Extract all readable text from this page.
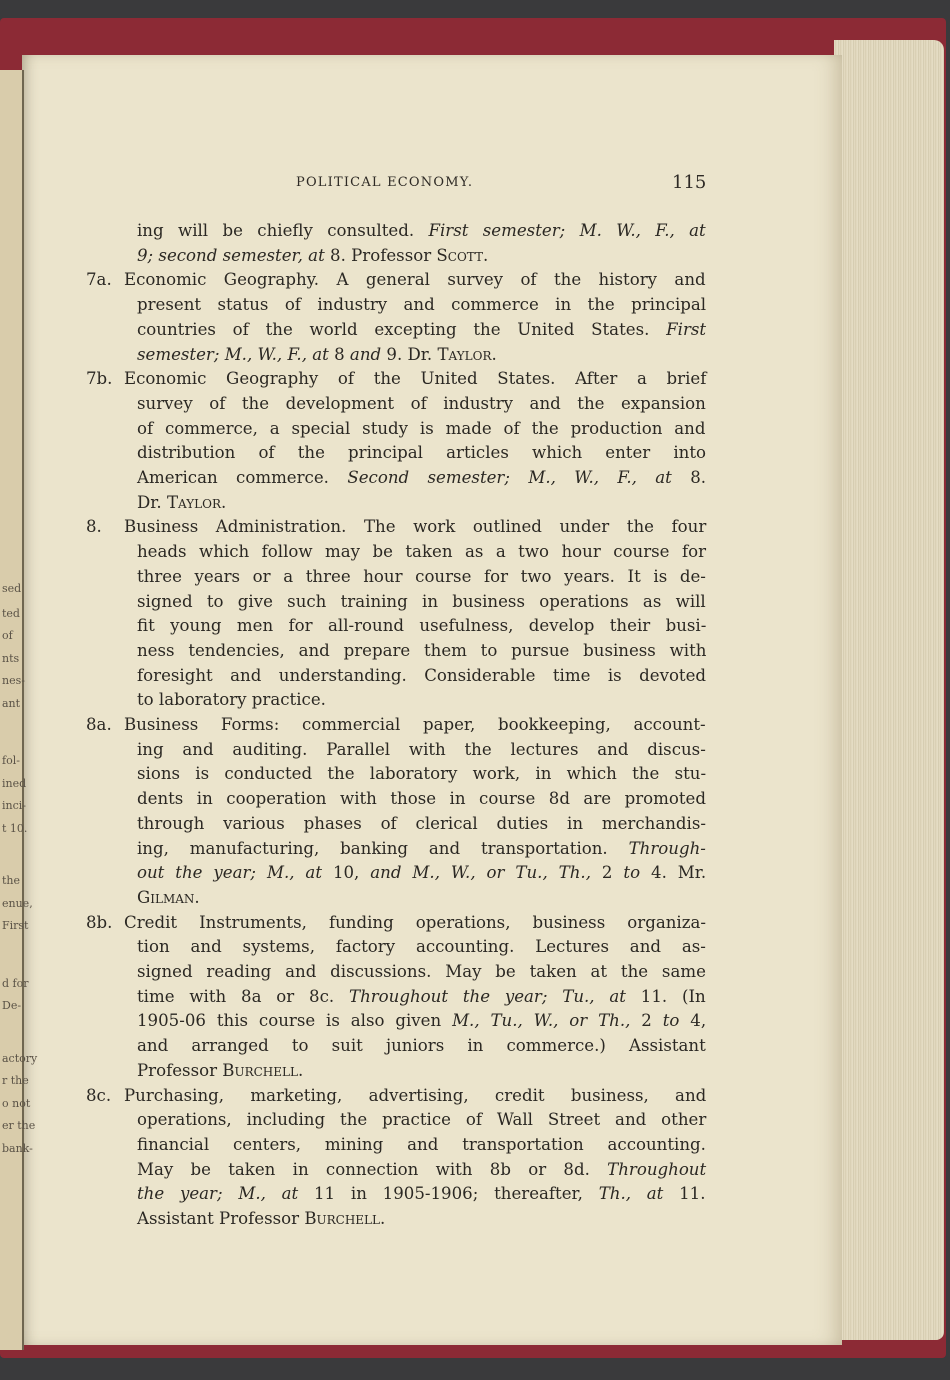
sed
ted
of
nts
nes-
ant
fol-
ined
inci-
t 10.
the
enue,
First
d for
De-
actory
r the
o not
er the
bank-
POLITICAL ECONOMY.	115
ing will be chiefly consulted. First semester; M. W., F., at
9; second semester, at 8. Professor Scott.
7a. Economic Geography. A general survey of the history and
present status of industry and commerce in the principal
countries of the world excepting the United States. First
semester; M., W., F., at 8 and 9. Dr. Taylor.
7b. Economic Geography of the United States. After a brief
survey of the development of industry and the expansion
of commerce, a special study is made of the production and
distribution of the principal articles which enter into
American commerce. Second semester; M., W., F., at 8.
Dr. Taylor.
8. Business Administration. The work outlined under the four
heads which follow may be taken as a two hour course for
three years or a three hour course for two years. It is de-
signed to give such training in business operations as will
fit young men for all-round usefulness, develop their busi-
ness tendencies, and prepare them to pursue business with
foresight and understanding. Considerable time is devoted
to laboratory practice.
8a. Business Forms: commercial paper, bookkeeping, account-
ing and auditing. Parallel with the lectures and discus-
sions is conducted the laboratory work, in which the stu-
dents in cooperation with those in course 8d are promoted
through various phases of clerical duties in merchandis-
ing, manufacturing, banking and transportation. Through-
out the year; M., at 10, and M., W., or Tu., Th., 2 to 4. Mr.
Gilman.
8b. Credit Instruments, funding operations, business organiza-
tion and systems, factory accounting. Lectures and as-
signed reading and discussions. May be taken at the same
time with 8a or 8c. Throughout the year; Tu., at 11. (In
1905-06 this course is also given M., Tu., W., or Th., 2 to 4,
and arranged to suit juniors in commerce.) Assistant
Professor Burchell.
8c. Purchasing, marketing, advertising, credit business, and
operations, including the practice of Wall Street and other
financial centers, mining and transportation accounting.
May be taken in connection with 8b or 8d. Throughout
the year; M., at 11 in 1905-1906; thereafter, Th., at 11.
Assistant Professor Burchell.
